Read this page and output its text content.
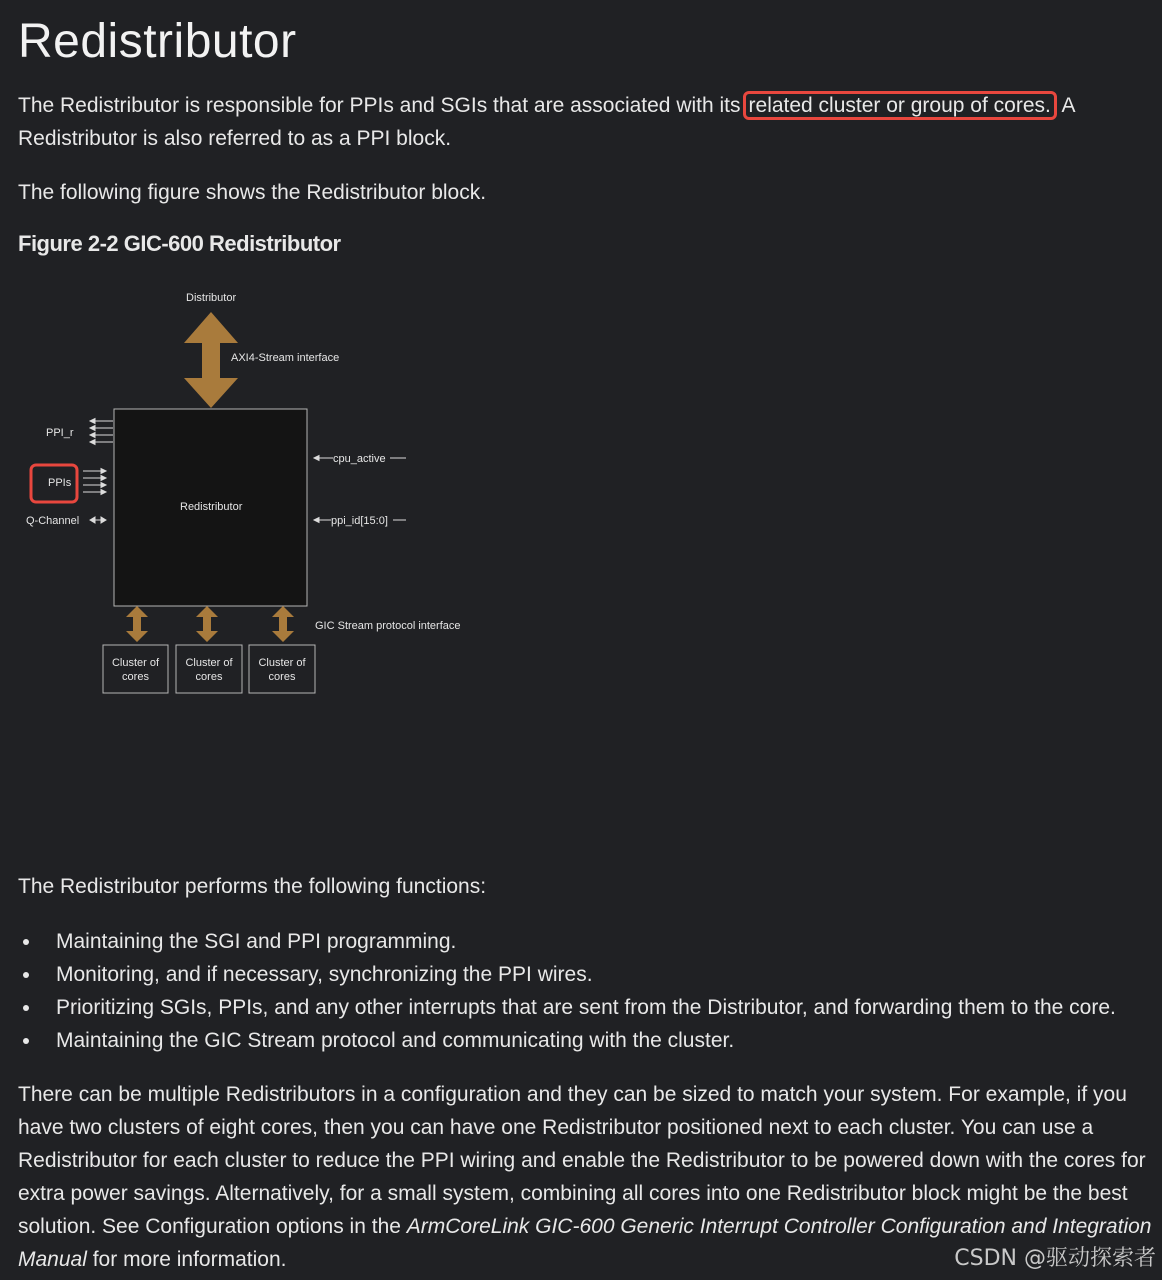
Redistributor

The Redistributor is responsible for PPIs and SGIs that are associated with its related cluster or group of cores. A Redistributor is also referred to as a PPI block.

The following figure shows the Redistributor block.

Figure 2-2 GIC-600 Redistributor
Distributor
AXI4-Stream interface
Redistributor
PPI_r
PPIs
Q-Channel
cpu_active
ppi_id[15:0]
GIC Stream protocol interface
Cluster of
cores
Cluster of
cores
Cluster of
cores

The Redistributor performs the following functions:

Maintaining the SGI and PPI programming.
Monitoring, and if necessary, synchronizing the PPI wires.
Prioritizing SGIs, PPIs, and any other interrupts that are sent from the Distributor, and forwarding them to the core.
Maintaining the GIC Stream protocol and communicating with the cluster.

There can be multiple Redistributors in a configuration and they can be sized to match your system. For example, if you have two clusters of eight cores, then you can have one Redistributor positioned next to each cluster. You can use a Redistributor for each cluster to reduce the PPI wiring and enable the Redistributor to be powered down with the cores for extra power savings. Alternatively, for a small system, combining all cores into one Redistributor block might be the best solution. See Configuration options in the ArmCoreLink GIC-600 Generic Interrupt Controller Configuration and Integration Manual for more information.	CSDN @驱动探索者
